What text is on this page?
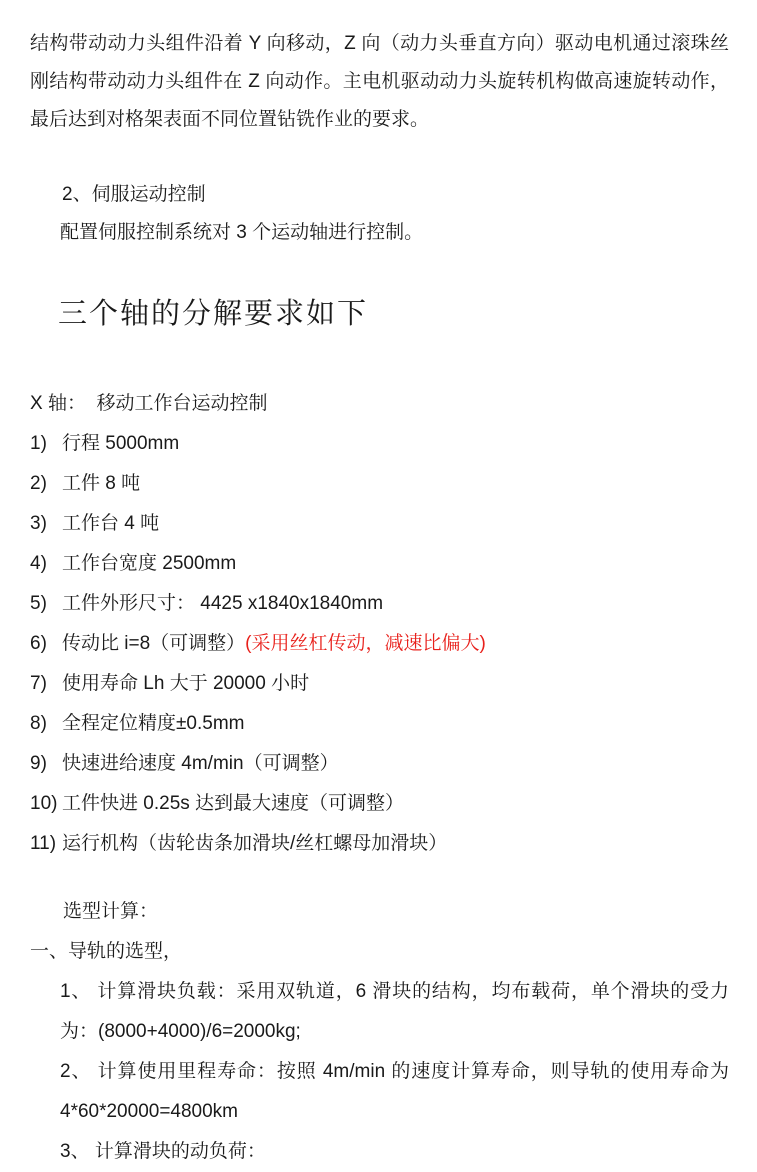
结构带动动力头组件沿着 Y 向移动，Z 向（动力头垂直方向）驱动电机通过滚珠丝刚结构带动动力头组件在 Z 向动作。主电机驱动动力头旋转机构做高速旋转动作，最后达到对格架表面不同位置钻铣作业的要求。

2、伺服运动控制
配置伺服控制系统对 3 个运动轴进行控制。
三个轴的分解要求如下
X 轴：  移动工作台运动控制
1) 行程 5000mm
2) 工件 8 吨
3) 工作台 4 吨
4) 工作台宽度 2500mm
5) 工件外形尺寸： 4425 x1840x1840mm
6) 传动比 i=8（可调整）(采用丝杠传动，减速比偏大)
7) 使用寿命 Lh 大于 20000 小时
8) 全程定位精度±0.5mm
9) 快速进给速度 4m/min（可调整）
10) 工件快进 0.25s 达到最大速度（可调整）
11) 运行机构（齿轮齿条加滑块/丝杠螺母加滑块）
选型计算：
一、导轨的选型，

1、 计算滑块负载：采用双轨道，6 滑块的结构，均布载荷，单个滑块的受力为：(8000+4000)/6=2000kg;

2、 计算使用里程寿命：按照 4m/min 的速度计算寿命，则导轨的使用寿命为 4*60*20000=4800km

3、 计算滑块的动负荷：
